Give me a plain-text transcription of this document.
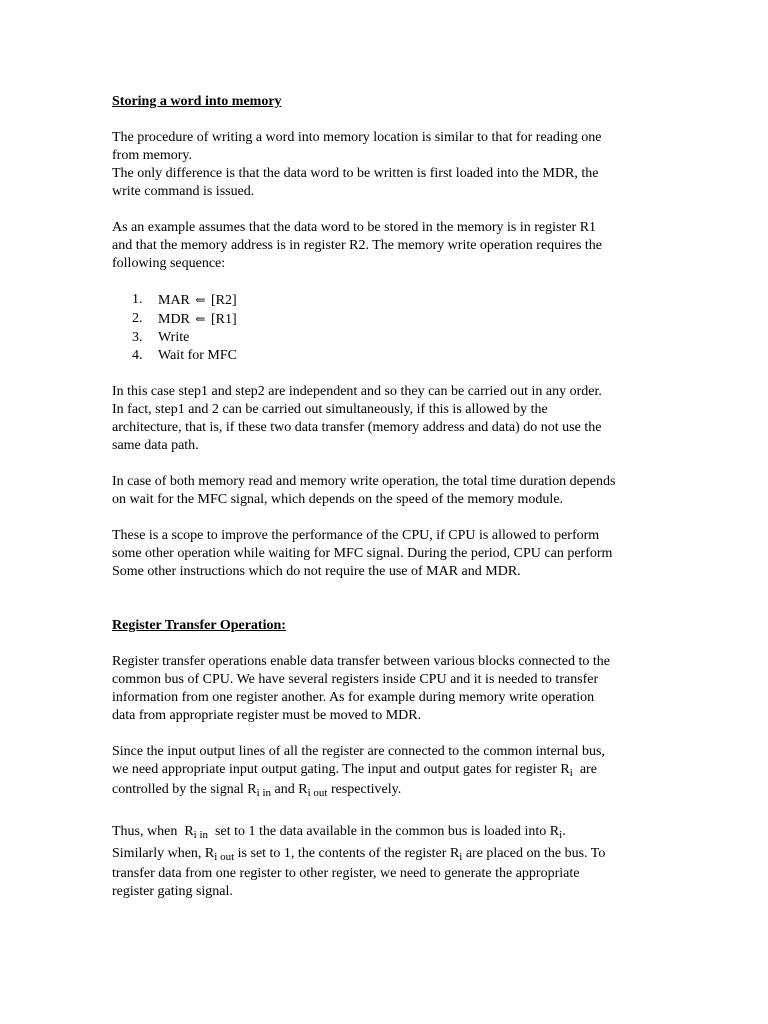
Storing a word into memory
The procedure of writing a word into memory location is similar to that for reading one
from memory.
The only difference is that the data word to be written is first loaded into the MDR, the
write command is issued.
As an example assumes that the data word to be stored in the memory is in register R1
and that the memory address is in register R2. The memory write operation requires the
following sequence:
1. MAR ⇐ [R2]
2. MDR ⇐ [R1]
3. Write
4. Wait for MFC
In this case step1 and step2 are independent and so they can be carried out in any order.
In fact, step1 and 2 can be carried out simultaneously, if this is allowed by the
architecture, that is, if these two data transfer (memory address and data) do not use the
same data path.
In case of both memory read and memory write operation, the total time duration depends
on wait for the MFC signal, which depends on the speed of the memory module.
These is a scope to improve the performance of the CPU, if CPU is allowed to perform
some other operation while waiting for MFC signal. During the period, CPU can perform
Some other instructions which do not require the use of MAR and MDR.
Register Transfer Operation:
Register transfer operations enable data transfer between various blocks connected to the
common bus of CPU. We have several registers inside CPU and it is needed to transfer
information from one register another. As for example during memory write operation
data from appropriate register must be moved to MDR.
Since the input output lines of all the register are connected to the common internal bus,
we need appropriate input output gating. The input and output gates for register $R_i$  are
controlled by the signal $R_{i in}$ and $R_{i out}$ respectively.
Thus, when  $R_{i in}$  set to 1 the data available in the common bus is loaded into $R_i$.
Similarly when, $R_{i out}$ is set to 1, the contents of the register $R_i$ are placed on the bus. To
transfer data from one register to other register, we need to generate the appropriate
register gating signal.
